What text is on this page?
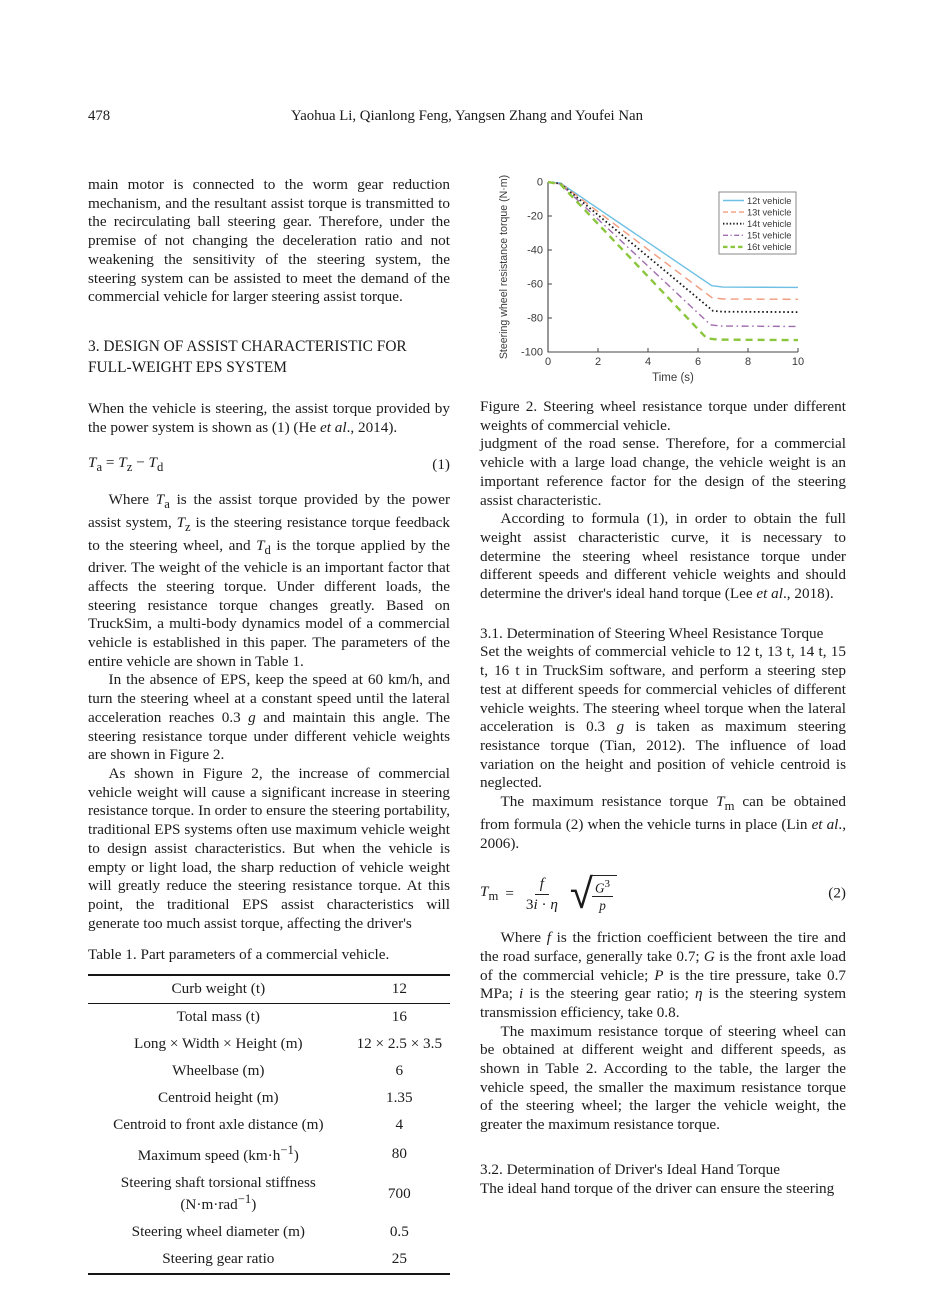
478	Yaohua Li, Qianlong Feng, Yangsen Zhang and Youfei Nan

main motor is connected to the worm gear reduction mechanism, and the resultant assist torque is transmitted to the recirculating ball steering gear. Therefore, under the premise of not changing the deceleration ratio and not weakening the sensitivity of the steering system, the steering system can be assisted to meet the demand of the commercial vehicle for larger steering assist torque.

3. DESIGN OF ASSIST CHARACTERISTIC FOR FULL-WEIGHT EPS SYSTEM

When the vehicle is steering, the assist torque provided by the power system is shown as (1) (He et al., 2014).

$T_a = T_z - T_d$	(1)

Where $T_a$ is the assist torque provided by the power assist system, $T_z$ is the steering resistance torque feedback to the steering wheel, and $T_d$ is the torque applied by the driver. The weight of the vehicle is an important factor that affects the steering torque. Under different loads, the steering resistance torque changes greatly. Based on TruckSim, a multi-body dynamics model of a commercial vehicle is established in this paper. The parameters of the entire vehicle are shown in Table 1.

In the absence of EPS, keep the speed at 60 km/h, and turn the steering wheel at a constant speed until the lateral acceleration reaches 0.3 g and maintain this angle. The steering resistance torque under different vehicle weights are shown in Figure 2.

As shown in Figure 2, the increase of commercial vehicle weight will cause a significant increase in steering resistance torque. In order to ensure the steering portability, traditional EPS systems often use maximum vehicle weight to design assist characteristics. But when the vehicle is empty or light load, the sharp reduction of vehicle weight will greatly reduce the steering resistance torque. At this point, the traditional EPS assist characteristics will generate too much assist torque, affecting the driver's

Table 1. Part parameters of a commercial vehicle.
Curb weight (t)	12
Total mass (t)	16
Long × Width × Height (m)	12 × 2.5 × 3.5
Wheelbase (m)	6
Centroid height (m)	1.35
Centroid to front axle distance (m)	4
Maximum speed $(km\cdot h^{-1})$	80
Steering shaft torsional stiffness
(N·m·rad$^{-1}$)	700
Steering wheel diameter (m)	0.5
Steering gear ratio	25
0	2	4	6	8	10
0
-20
-40
-60
-80
-100
Time (s)
Steering wheel resistance torque (N·m)	12t vehicle
13t vehicle
14t vehicle
15t vehicle
16t vehicle

Figure 2. Steering wheel resistance torque under different weights of commercial vehicle.

judgment of the road sense. Therefore, for a commercial vehicle with a large load change, the vehicle weight is an important reference factor for the design of the steering assist characteristic.

According to formula (1), in order to obtain the full weight assist characteristic curve, it is necessary to determine the steering wheel resistance torque under different speeds and different vehicle weights and should determine the driver's ideal hand torque (Lee et al., 2018).

3.1. Determination of Steering Wheel Resistance Torque

Set the weights of commercial vehicle to 12 t, 13 t, 14 t, 15 t, 16 t in TruckSim software, and perform a steering step test at different speeds for commercial vehicles of different vehicle weights. The steering wheel torque when the lateral acceleration is 0.3 g is taken as maximum steering resistance torque (Tian, 2012). The influence of load variation on the height and position of vehicle centroid is neglected.

The maximum resistance torque $T_m$ can be obtained from formula (2) when the vehicle turns in place (Lin et al., 2006).

$T_m = \frac{f}{3i \cdot \eta}$ √ $\frac{G^3}{p}$	(2)

Where f is the friction coefficient between the tire and the road surface, generally take 0.7; G is the front axle load of the commercial vehicle; P is the tire pressure, take 0.7 MPa; i is the steering gear ratio; η is the steering system transmission efficiency, take 0.8.

The maximum resistance torque of steering wheel can be obtained at different weight and different speeds, as shown in Table 2. According to the table, the larger the vehicle speed, the smaller the maximum resistance torque of the steering wheel; the larger the vehicle weight, the greater the maximum resistance torque.

3.2. Determination of Driver's Ideal Hand Torque

The ideal hand torque of the driver can ensure the steering
